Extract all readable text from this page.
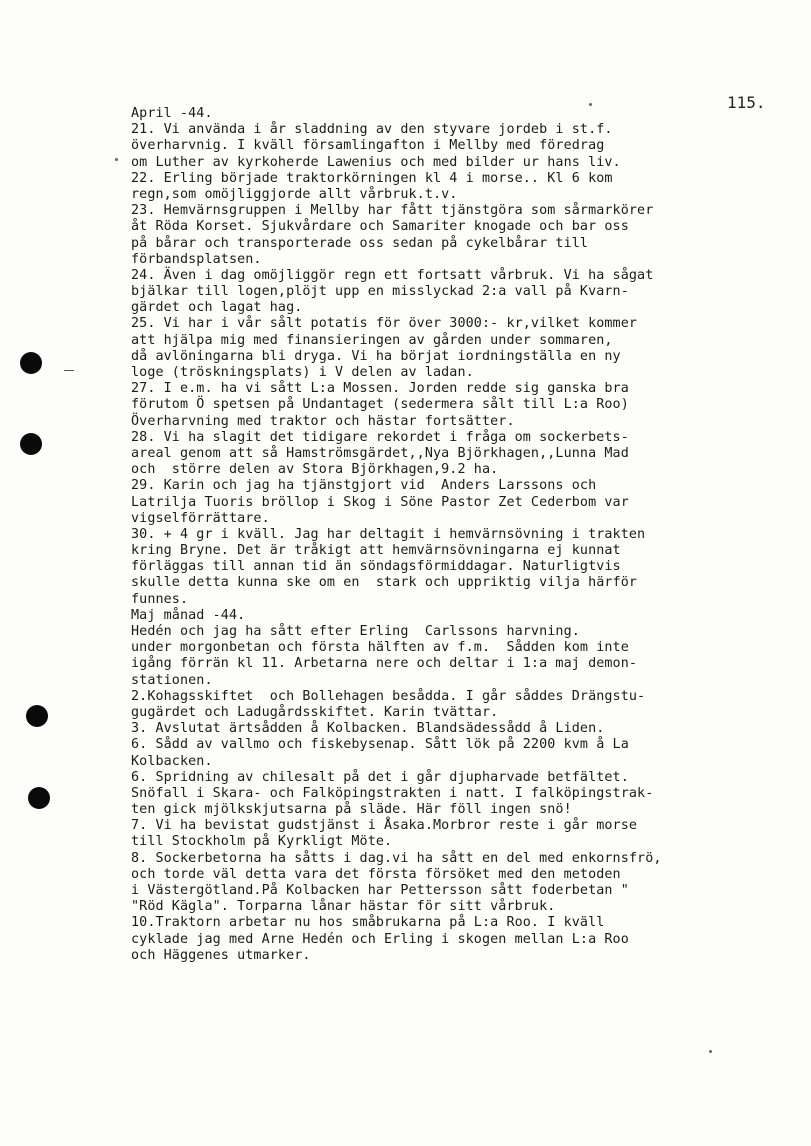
115.
April -44.
21. Vi använda i år sladdning av den styvare jordeb i st.f.
överharvnig. I kväll församlingafton i Mellby med föredrag
om Luther av kyrkoherde Lawenius och med bilder ur hans liv.
22. Erling började traktorkörningen kl 4 i morse.. Kl 6 kom
regn,som omöjliggjorde allt vårbruk.t.v.
23. Hemvärnsgruppen i Mellby har fått tjänstgöra som sårmarkörer
åt Röda Korset. Sjukvårdare och Samariter knogade och bar oss
på bårar och transporterade oss sedan på cykelbårar till
förbandsplatsen.
24. Även i dag omöjliggör regn ett fortsatt vårbruk. Vi ha sågat
bjälkar till logen,plöjt upp en misslyckad 2:a vall på Kvarn-
gärdet och lagat hag.
25. Vi har i vår sålt potatis för över 3000:- kr,vilket kommer
att hjälpa mig med finansieringen av gården under sommaren,
då avlöningarna bli dryga. Vi ha börjat iordningställa en ny
loge (tröskningsplats) i V delen av ladan.
27. I e.m. ha vi sått L:a Mossen. Jorden redde sig ganska bra
förutom Ö spetsen på Undantaget (sedermera sålt till L:a Roo)
Överharvning med traktor och hästar fortsätter.
28. Vi ha slagit det tidigare rekordet i fråga om sockerbets-
areal genom att så Hamströmsgärdet,,Nya Björkhagen,,Lunna Mad
och  större delen av Stora Björkhagen,9.2 ha.
29. Karin och jag ha tjänstgjort vid  Anders Larssons och
Latrilja Tuoris bröllop i Skog i Söne Pastor Zet Cederbom var
vigselförrättare.
30. + 4 gr i kväll. Jag har deltagit i hemvärnsövning i trakten
kring Bryne. Det är tråkigt att hemvärnsövningarna ej kunnat
förläggas till annan tid än söndagsförmiddagar. Naturligtvis
skulle detta kunna ske om en  stark och uppriktig vilja härför
funnes.
Maj månad -44.
Hedén och jag ha sått efter Erling  Carlssons harvning.
under morgonbetan och första hälften av f.m.  Sådden kom inte
igång förrän kl 11. Arbetarna nere och deltar i 1:a maj demon-
stationen.
2.Kohagsskiftet  och Bollehagen besådda. I går såddes Drängstu-
gugärdet och Ladugårdsskiftet. Karin tvättar.
3. Avslutat ärtsådden å Kolbacken. Blandsädessådd å Liden.
6. Sådd av vallmo och fiskebysenap. Sått lök på 2200 kvm å La
Kolbacken.
6. Spridning av chilesalt på det i går djupharvade betfältet.
Snöfall i Skara- och Falköpingstrakten i natt. I falköpingstrak-
ten gick mjölkskjutsarna på släde. Här föll ingen snö!
7. Vi ha bevistat gudstjänst i Åsaka.Morbror reste i går morse
till Stockholm på Kyrkligt Möte.
8. Sockerbetorna ha såtts i dag.vi ha sått en del med enkornsfrö,
och torde väl detta vara det första försöket med den metoden
i Västergötland.På Kolbacken har Pettersson sått foderbetan "
"Röd Kägla". Torparna lånar hästar för sitt vårbruk.
10.Traktorn arbetar nu hos småbrukarna på L:a Roo. I kväll
cyklade jag med Arne Hedén och Erling i skogen mellan L:a Roo
och Häggenes utmarker.
